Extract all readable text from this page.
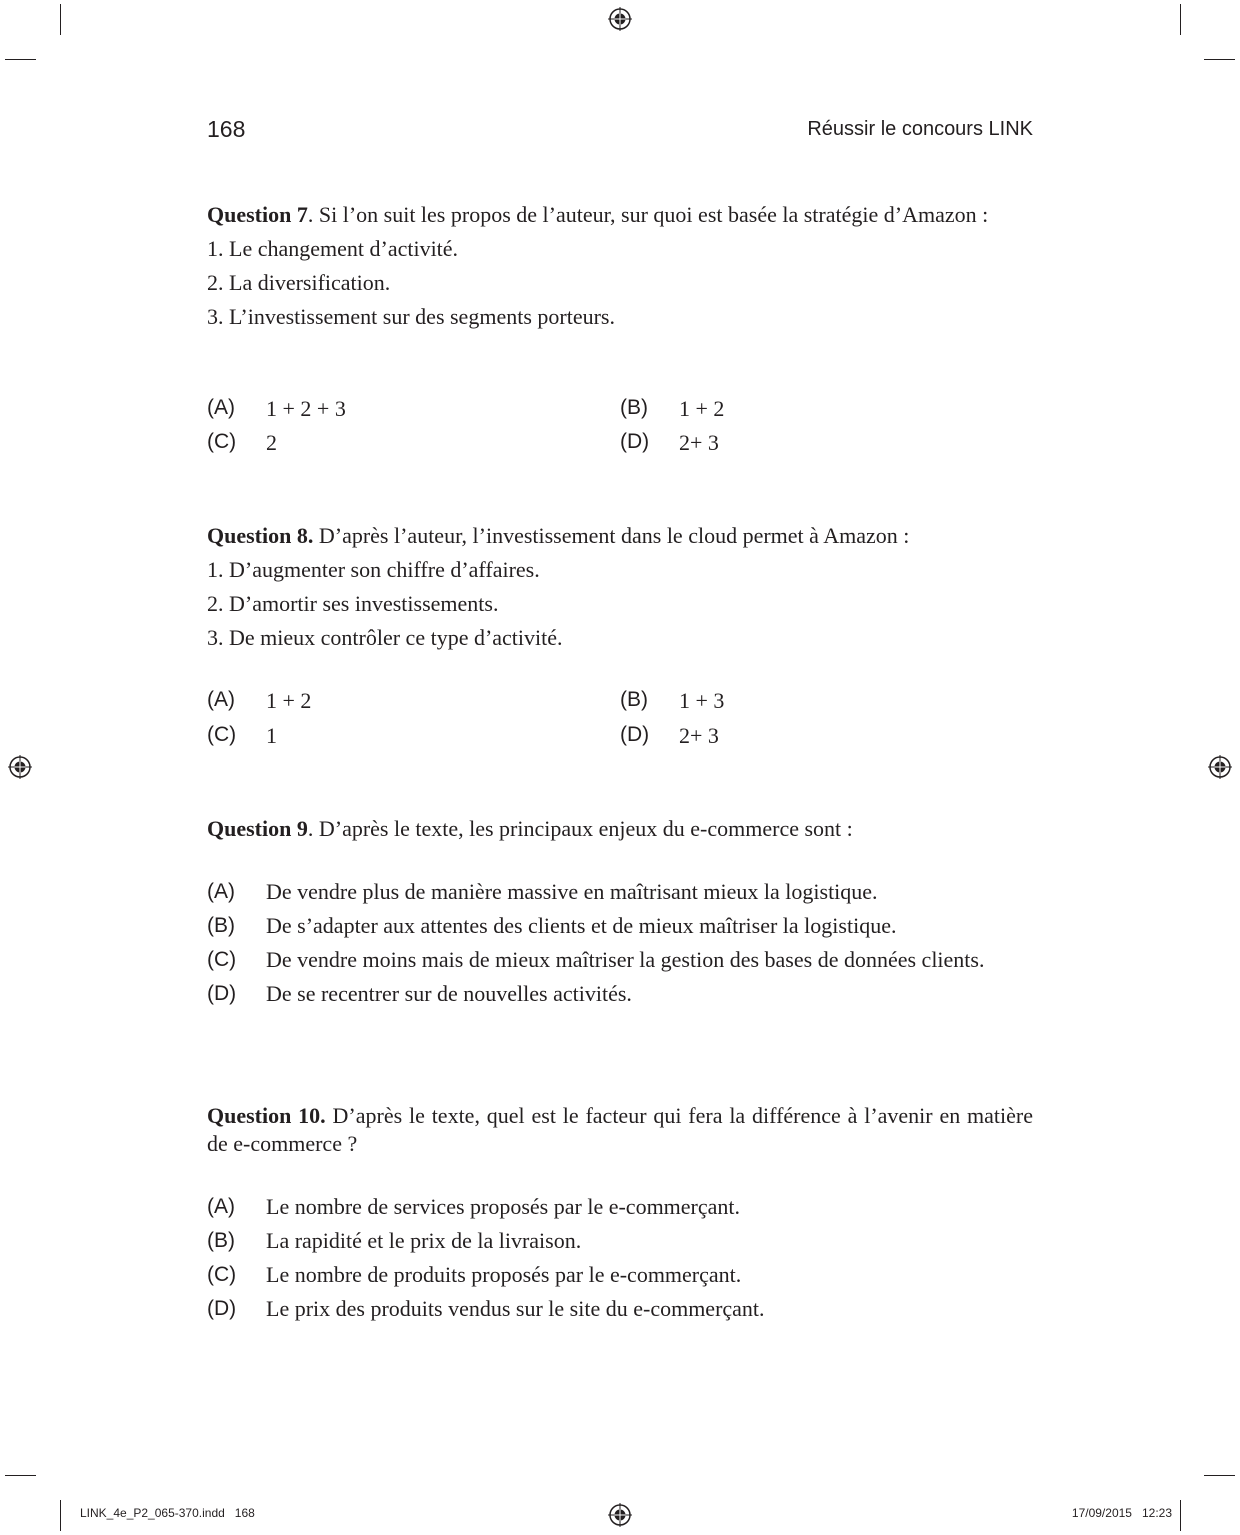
168	Réussir le concours LINK

Question 7. Si l’on suit les propos de l’auteur, sur quoi est basée la stratégie d’Amazon :

1. Le changement d’activité.

2. La diversification.

3. L’investissement sur des segments porteurs.

(A) 1 + 2 + 3	(B) 1 + 2
(C) 2	(D) 2+ 3

Question 8. D’après l’auteur, l’investissement dans le cloud permet à Amazon :

1. D’augmenter son chiffre d’affaires.

2. D’amortir ses investissements.

3. De mieux contrôler ce type d’activité.

(A) 1 + 2	(B) 1 + 3
(C) 1	(D) 2+ 3

Question 9. D’après le texte, les principaux enjeux du e-commerce sont :

(A) De vendre plus de manière massive en maîtrisant mieux la logistique.
(B) De s’adapter aux attentes des clients et de mieux maîtriser la logistique.
(C) De vendre moins mais de mieux maîtriser la gestion des bases de données clients.
(D) De se recentrer sur de nouvelles activités.

Question 10. D’après le texte, quel est le facteur qui fera la différence à l’avenir en matière de e-commerce ?

(A) Le nombre de services proposés par le e-commerçant.
(B) La rapidité et le prix de la livraison.
(C) Le nombre de produits proposés par le e-commerçant.
(D) Le prix des produits vendus sur le site du e-commerçant.
LINK_4e_P2_065-370.indd   168	17/09/2015   12:23
